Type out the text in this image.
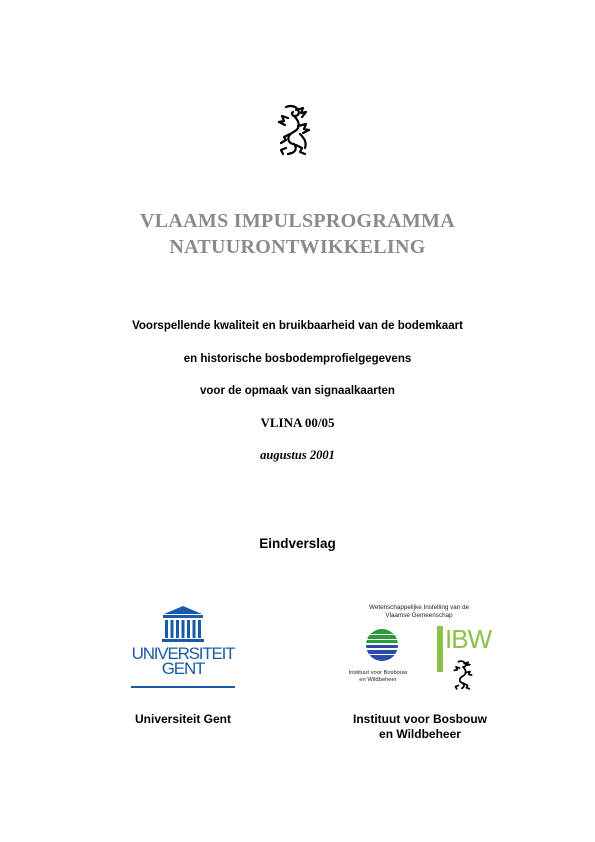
VLAAMS IMPULSPROGRAMMA
NATUURONTWIKKELING
Voorspellende kwaliteit en bruikbaarheid van de bodemkaart
en historische bosbodemprofielgegevens
voor de opmaak van signaalkaarten
VLINA 00/05
augustus 2001
Eindverslag
UNIVERSITEIT
GENT
Universiteit Gent
Wetenschappelijke Instelling van de
Vlaamse Gemeenschap
IBW
Instituut voor Bosbouw
en Wildbeheer
Instituut voor Bosbouw
en Wildbeheer
